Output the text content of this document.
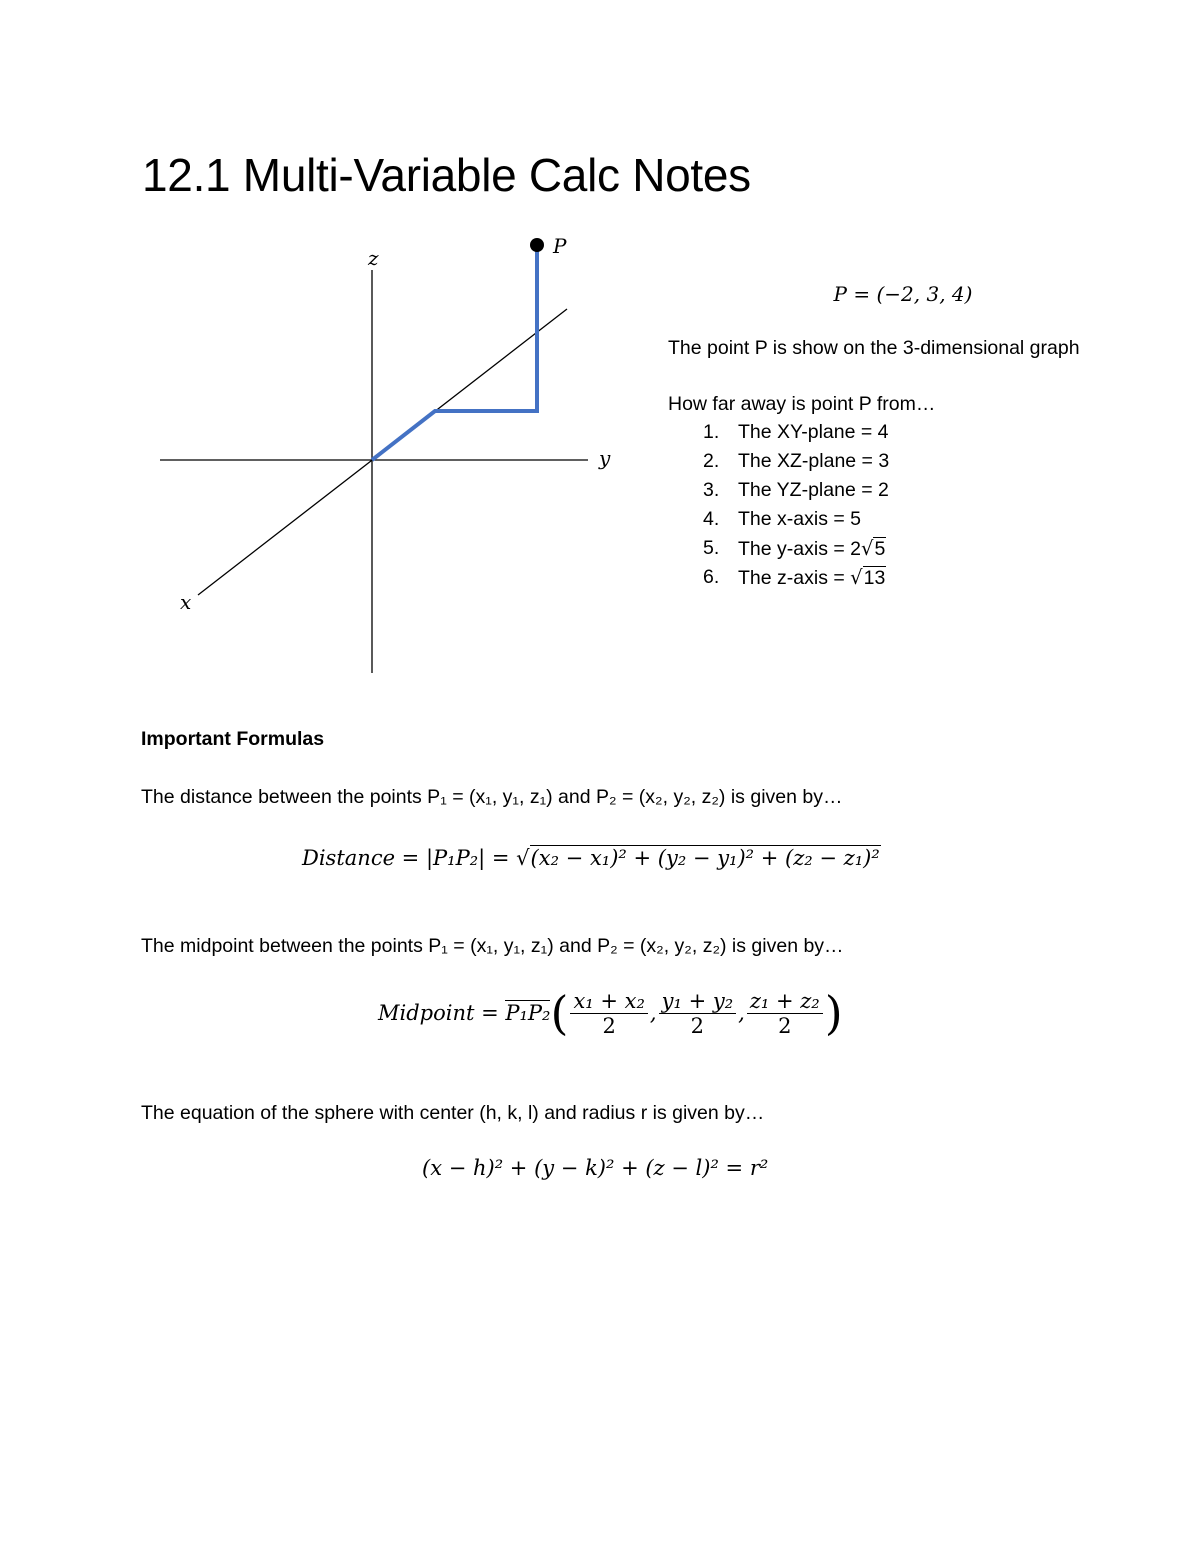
12.1 Multi-Variable Calc Notes
z
y
x
P
P = (−2, 3, 4)

The point P is show on the 3-dimensional graph

How far away is point P from…

1. The XY-plane = 4
2. The XZ-plane = 3
3. The YZ-plane = 2
4. The x-axis = 5
5. The y-axis = 2√5
6. The z-axis = √13
Important Formulas
The distance between the points P₁ = (x₁, y₁, z₁) and P₂ = (x₂, y₂, z₂) is given by…
Distance = |P₁P₂| = √(x₂ − x₁)² + (y₂ − y₁)² + (z₂ − z₁)²
The midpoint between the points P₁ = (x₁, y₁, z₁) and P₂ = (x₂, y₂, z₂) is given by…
Midpoint = $P_1P_2( \frac{\text{x₁ + x₂}}{2}$ , $\frac{\text{y₁ + y₂}}{2}$ , $\frac{\text{z₁ + z₂}}{2}$ )
The equation of the sphere with center (h, k, l) and radius r is given by…
(x − h)² + (y − k)² + (z − l)² = r²
